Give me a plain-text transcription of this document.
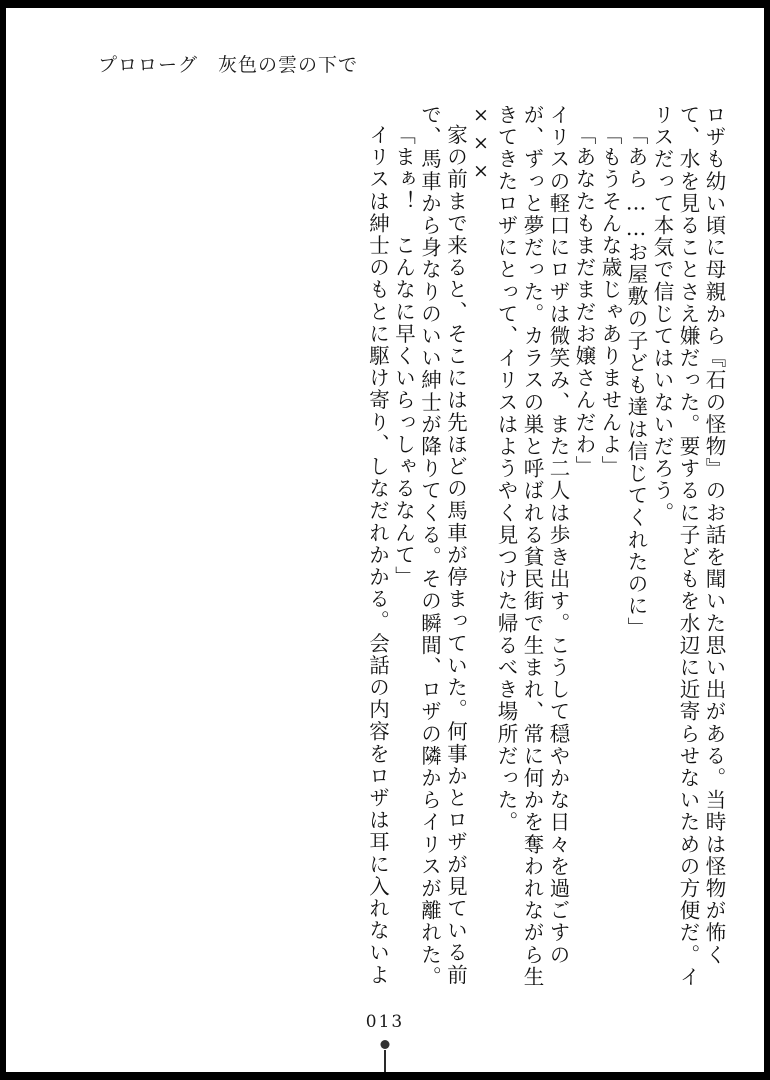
プロローグ　灰色の雲の下で
ロザも幼い頃に母親から『石の怪物』のお話を聞いた思い出がある。当時は怪物が怖く
て、水を見ることさえ嫌だった。要するに子どもを水辺に近寄らせないための方便だ。イ
リスだって本気で信じてはいないだろう。
「あら……お屋敷の子ども達は信じてくれたのに」
「もうそんな歳じゃありませんよ」
「あなたもまだまだお嬢さんだわ」
イリスの軽口にロザは微笑み、また二人は歩き出す。こうして穏やかな日々を過ごすの
が、ずっと夢だった。カラスの巣と呼ばれる貧民街で生まれ、常に何かを奪われながら生
きてきたロザにとって、イリスはようやく見つけた帰るべき場所だった。
×××
家の前まで来ると、そこには先ほどの馬車が停まっていた。何事かとロザが見ている前
で、馬車から身なりのいい紳士が降りてくる。その瞬間、ロザの隣からイリスが離れた。
「まぁ！　こんなに早くいらっしゃるなんて」
イリスは紳士のもとに駆け寄り、しなだれかかる。会話の内容をロザは耳に入れないよ
013
